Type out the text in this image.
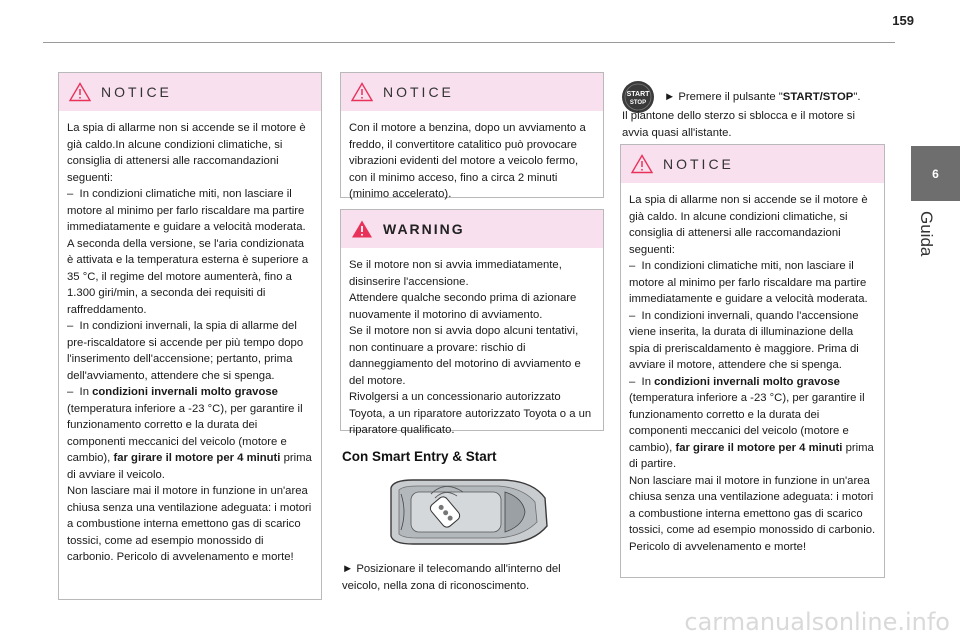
159
6
Guida
NOTICE

La spia di allarme non si accende se il motore è già caldo.In alcune condizioni climatiche, si consiglia di attenersi alle raccomandazioni seguenti:
–  In condizioni climatiche miti, non lasciare il motore al minimo per farlo riscaldare ma partire immediatamente e guidare a velocità moderata.
A seconda della versione, se l'aria condizionata è attivata e la temperatura esterna è superiore a 35 °C, il regime del motore aumenterà, fino a 1.300 giri/min, a seconda dei requisiti di raffreddamento.
–  In condizioni invernali, la spia di allarme del pre-riscaldatore si accende per più tempo dopo l'inserimento dell'accensione; pertanto, prima dell'avviamento, attendere che si spenga.
–  In condizioni invernali molto gravose (temperatura inferiore a -23 °C), per garantire il funzionamento corretto e la durata dei componenti meccanici del veicolo (motore e cambio), far girare il motore per 4 minuti prima di avviare il veicolo.
Non lasciare mai il motore in funzione in un'area chiusa senza una ventilazione adeguata: i motori a combustione interna emettono gas di scarico tossici, come ad esempio monossido di carbonio. Pericolo di avvelenamento e morte!

NOTICE

Con il motore a benzina, dopo un avviamento a freddo, il convertitore catalitico può provocare vibrazioni evidenti del motore a veicolo fermo, con il minimo acceso, fino a circa 2 minuti (minimo accelerato).

WARNING

Se il motore non si avvia immediatamente, disinserire l'accensione.
Attendere qualche secondo prima di azionare nuovamente il motorino di avviamento.
Se il motore non si avvia dopo alcuni tentativi, non continuare a provare: rischio di danneggiamento del motorino di avviamento e del motore.
Rivolgersi a un concessionario autorizzato Toyota, a un riparatore autorizzato Toyota o a un riparatore qualificato.

Con Smart Entry & Start
► Posizionare il telecomando all'interno del veicolo, nella zona di riconoscimento.
START
STOP ► Premere il pulsante "START/STOP".
Il piantone dello sterzo si sblocca e il motore si avvia quasi all'istante.
NOTICE

La spia di allarme non si accende se il motore è già caldo. In alcune condizioni climatiche, si consiglia di attenersi alle raccomandazioni seguenti:
–  In condizioni climatiche miti, non lasciare il motore al minimo per farlo riscaldare ma partire immediatamente e guidare a velocità moderata.
–  In condizioni invernali, quando l'accensione viene inserita, la durata di illuminazione della spia di preriscaldamento è maggiore. Prima di avviare il motore, attendere che si spenga.
–  In condizioni invernali molto gravose (temperatura inferiore a -23 °C), per garantire il funzionamento corretto e la durata dei componenti meccanici del veicolo (motore e cambio), far girare il motore per 4 minuti prima di partire.
Non lasciare mai il motore in funzione in un'area chiusa senza una ventilazione adeguata: i motori a combustione interna emettono gas di scarico tossici, come ad esempio monossido di carbonio. Pericolo di avvelenamento e morte!

carmanualsonline.info
